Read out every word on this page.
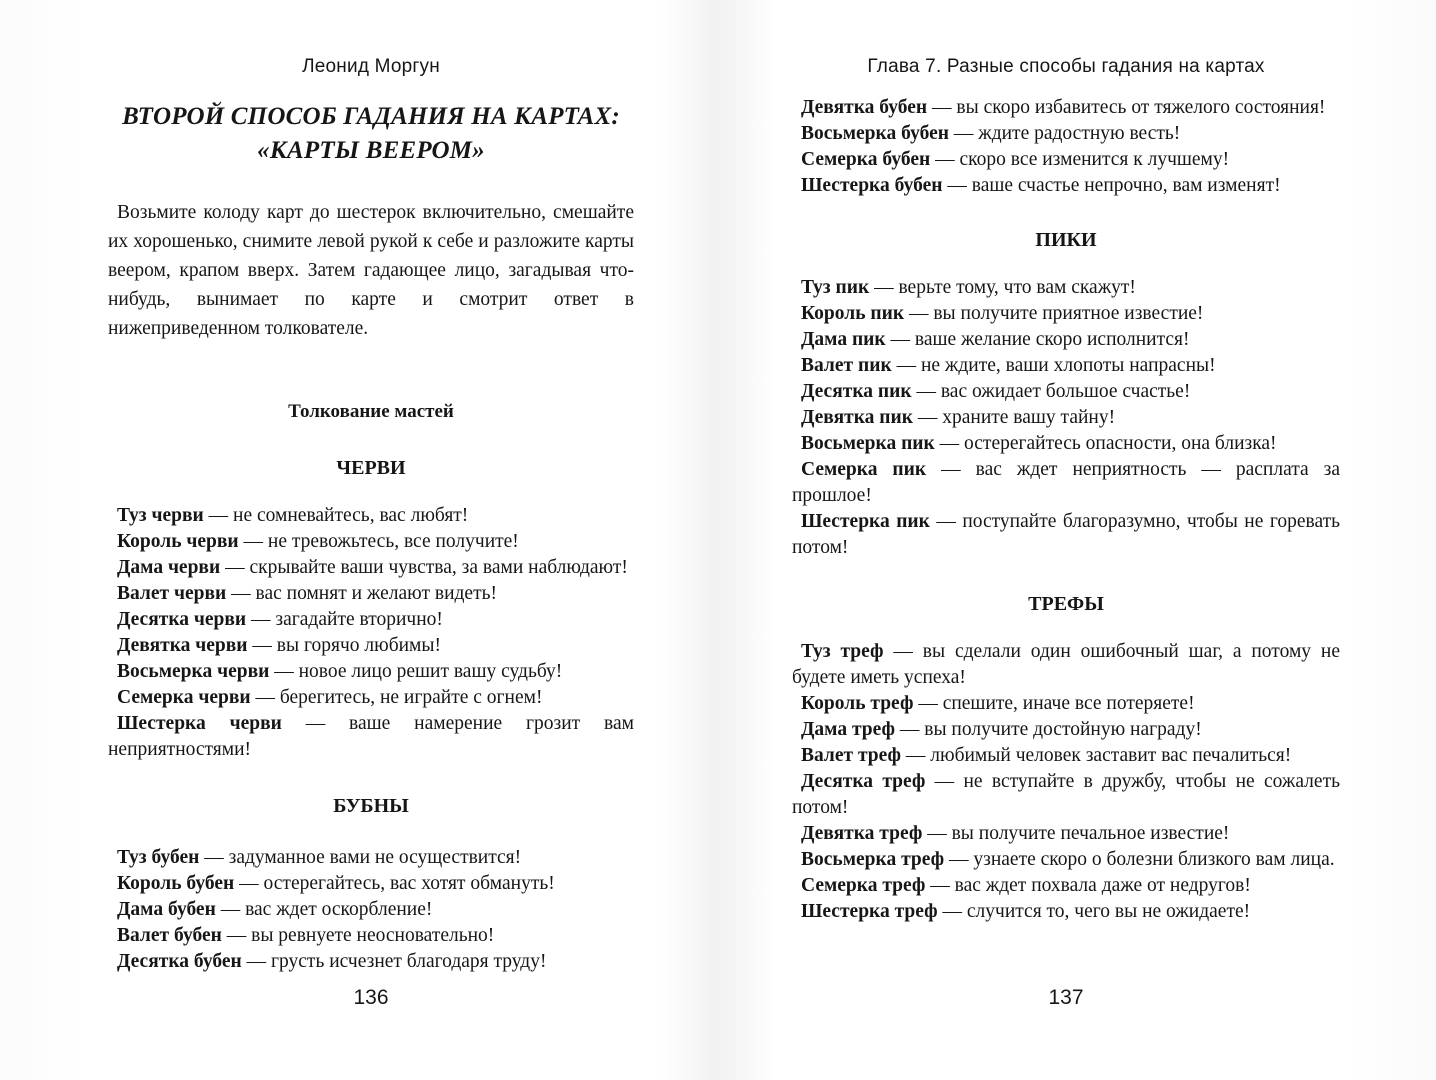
Леонид Моргун
ВТОРОЙ СПОСОБ ГАДАНИЯ НА КАРТАХ:
«КАРТЫ ВЕЕРОМ»

Возьмите колоду карт до шестерок включительно, смешайте их хорошенько, снимите левой рукой к себе и разложите карты веером, крапом вверх. Затем гадающее лицо, загадывая что-нибудь, вынимает по карте и смотрит ответ в нижеприведенном толкователе.

Толкование мастей

ЧЕРВИ
Туз черви — не сомневайтесь, вас любят!
Король черви — не тревожьтесь, все получите!
Дама черви — скрывайте ваши чувства, за вами наблюдают!
Валет черви — вас помнят и желают видеть!
Десятка черви — загадайте вторично!
Девятка черви — вы горячо любимы!
Восьмерка черви — новое лицо решит вашу судьбу!
Семерка черви — берегитесь, не играйте с огнем!
Шестерка черви — ваше намерение грозит вам неприятностями!
БУБНЫ
Туз бубен — задуманное вами не осуществится!
Король бубен — остерегайтесь, вас хотят обмануть!
Дама бубен — вас ждет оскорбление!
Валет бубен — вы ревнуете неосновательно!
Десятка бубен — грусть исчезнет благодаря труду!
136
Глава 7. Разные способы гадания на картах
Девятка бубен — вы скоро избавитесь от тяжелого состояния!
Восьмерка бубен — ждите радостную весть!
Семерка бубен — скоро все изменится к лучшему!
Шестерка бубен — ваше счастье непрочно, вам изменят!
ПИКИ
Туз пик — верьте тому, что вам скажут!
Король пик — вы получите приятное известие!
Дама пик — ваше желание скоро исполнится!
Валет пик — не ждите, ваши хлопоты напрасны!
Десятка пик — вас ожидает большое счастье!
Девятка пик — храните вашу тайну!
Восьмерка пик — остерегайтесь опасности, она близка!
Семерка пик — вас ждет неприятность — расплата за прошлое!
Шестерка пик — поступайте благоразумно, чтобы не горевать потом!
ТРЕФЫ
Туз треф — вы сделали один ошибочный шаг, а потому не будете иметь успеха!
Король треф — спешите, иначе все потеряете!
Дама треф — вы получите достойную награду!
Валет треф — любимый человек заставит вас печалиться!
Десятка треф — не вступайте в дружбу, чтобы не сожалеть потом!
Девятка треф — вы получите печальное известие!
Восьмерка треф — узнаете скоро о болезни близкого вам лица.
Семерка треф — вас ждет похвала даже от недругов!
Шестерка треф — случится то, чего вы не ожидаете!
137
